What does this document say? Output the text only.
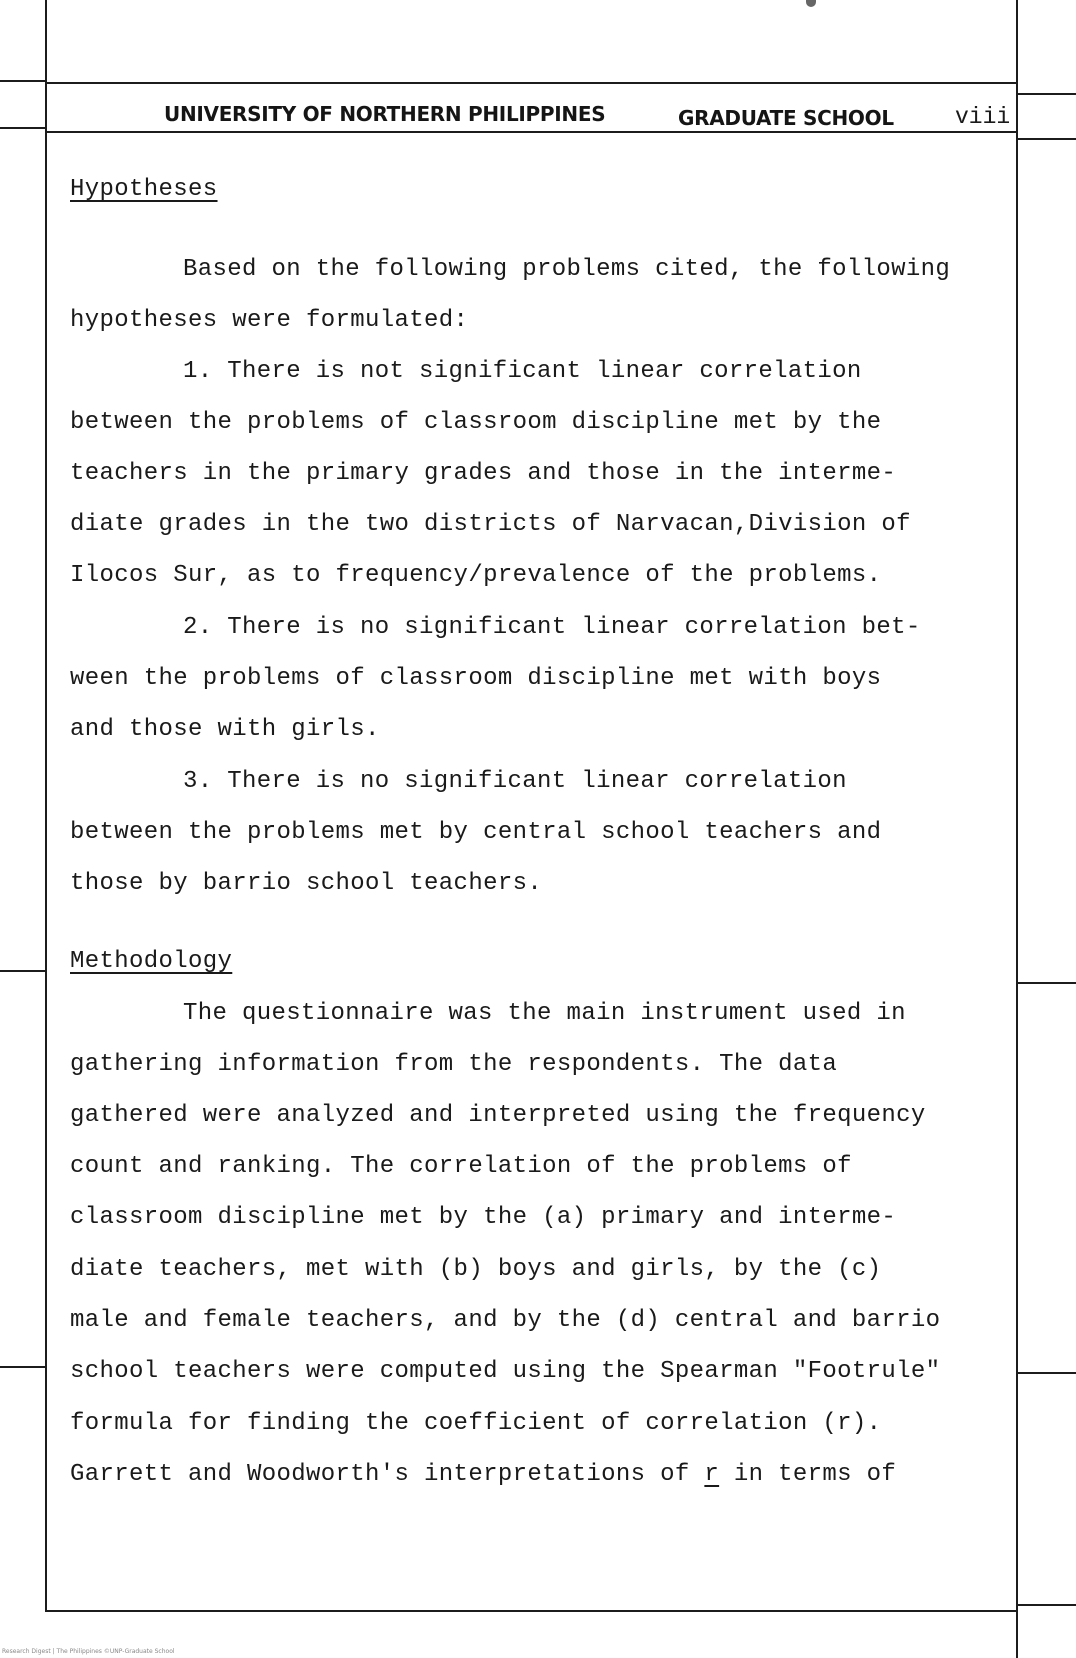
UNIVERSITY OF NORTHERN PHILIPPINES	GRADUATE SCHOOL	viii
Hypotheses
Based on the following problems cited, the following
hypotheses were formulated:
1. There is not significant linear correlation
between the problems of classroom discipline met by the
teachers in the primary grades and those in the interme-
diate grades in the two districts of Narvacan,Division of
Ilocos Sur, as to frequency/prevalence of the problems.
2. There is no significant linear correlation bet-
ween the problems of classroom discipline met with boys
and those with girls.
3. There is no significant linear correlation
between the problems met by central school teachers and
those by barrio school teachers.
Methodology
The questionnaire was the main instrument used in
gathering information from the respondents. The data
gathered were analyzed and interpreted using the frequency
count and ranking. The correlation of the problems of
classroom discipline met by the (a) primary and interme-
diate teachers, met with (b) boys and girls, by the (c)
male and female teachers, and by the (d) central and barrio
school teachers were computed using the Spearman "Footrule"
formula for finding the coefficient of correlation (r).
Garrett and Woodworth's interpretations of r in terms of
Research Digest | The Philippines ©UNP-Graduate School
